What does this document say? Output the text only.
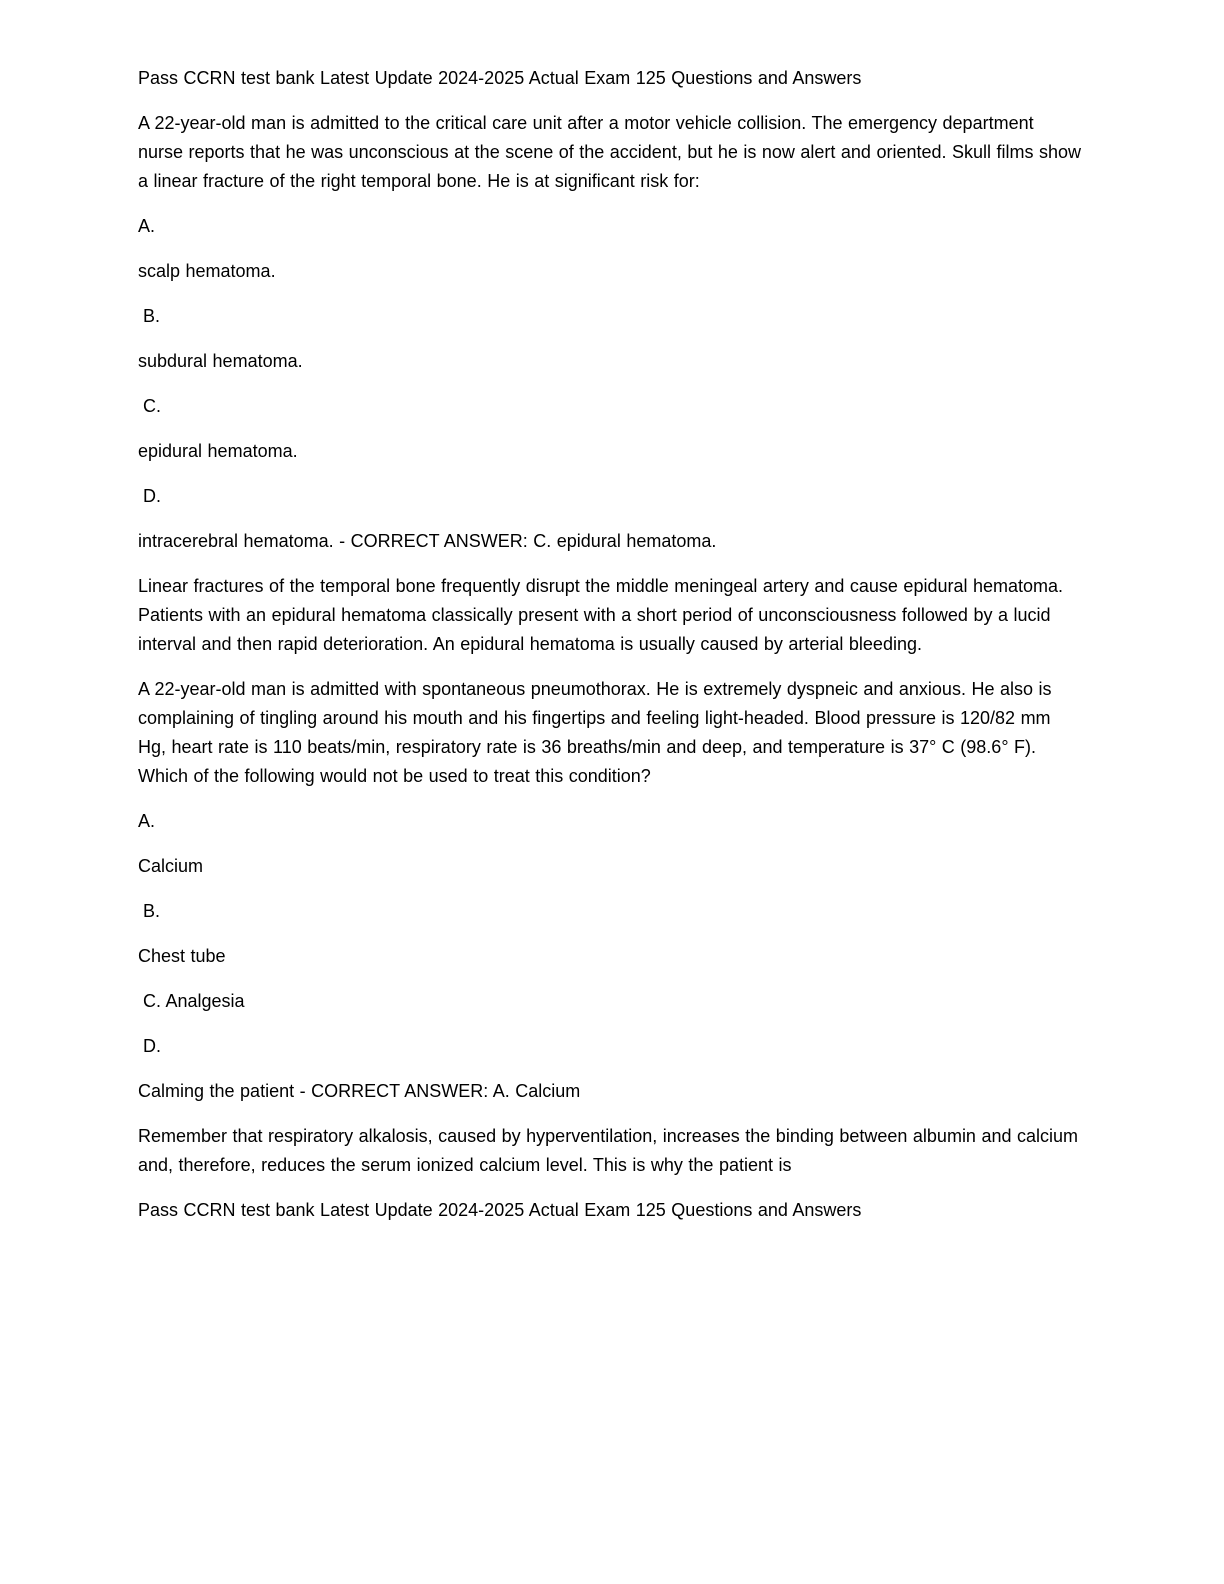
Pass CCRN test bank Latest Update 2024-2025 Actual Exam 125 Questions and Answers

A 22-year-old man is admitted to the critical care unit after a motor vehicle collision. The emergency department nurse reports that he was unconscious at the scene of the accident, but he is now alert and oriented. Skull films show a linear fracture of the right temporal bone. He is at significant risk for:

A.

scalp hematoma.

B.

subdural hematoma.

C.

epidural hematoma.

D.

intracerebral hematoma. - CORRECT ANSWER: C. epidural hematoma.

Linear fractures of the temporal bone frequently disrupt the middle meningeal artery and cause epidural hematoma. Patients with an epidural hematoma classically present with a short period of unconsciousness followed by a lucid interval and then rapid deterioration. An epidural hematoma is usually caused by arterial bleeding.

A 22-year-old man is admitted with spontaneous pneumothorax. He is extremely dyspneic and anxious. He also is complaining of tingling around his mouth and his fingertips and feeling light-headed. Blood pressure is 120/82 mm Hg, heart rate is 110 beats/min, respiratory rate is 36 breaths/min and deep, and temperature is 37° C (98.6° F). Which of the following would not be used to treat this condition?

A.

Calcium

B.

Chest tube

C. Analgesia

D.

Calming the patient - CORRECT ANSWER: A. Calcium

Remember that respiratory alkalosis, caused by hyperventilation, increases the binding between albumin and calcium and, therefore, reduces the serum ionized calcium level. This is why the patient is

Pass CCRN test bank Latest Update 2024-2025 Actual Exam 125 Questions and Answers
